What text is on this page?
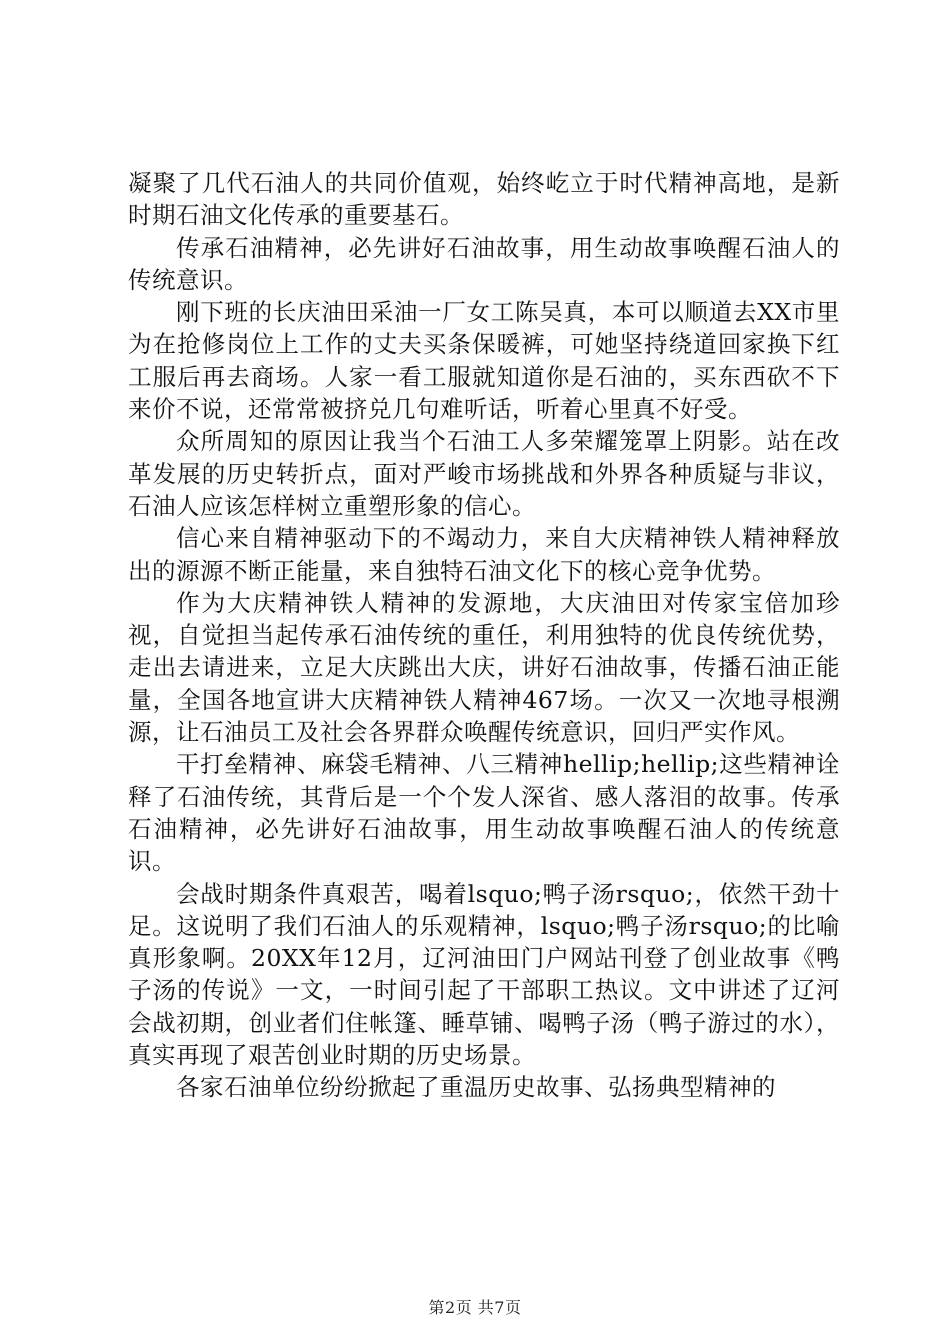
凝聚了几代石油人的共同价值观，始终屹立于时代精神高地，是新时期石油文化传承的重要基石。

传承石油精神，必先讲好石油故事，用生动故事唤醒石油人的传统意识。

刚下班的长庆油田采油一厂女工陈吴真，本可以顺道去XX市里为在抢修岗位上工作的丈夫买条保暖裤，可她坚持绕道回家换下红工服后再去商场。人家一看工服就知道你是石油的，买东西砍不下来价不说，还常常被挤兑几句难听话，听着心里真不好受。

众所周知的原因让我当个石油工人多荣耀笼罩上阴影。站在改革发展的历史转折点，面对严峻市场挑战和外界各种质疑与非议，石油人应该怎样树立重塑形象的信心。

信心来自精神驱动下的不竭动力，来自大庆精神铁人精神释放出的源源不断正能量，来自独特石油文化下的核心竞争优势。

作为大庆精神铁人精神的发源地，大庆油田对传家宝倍加珍视，自觉担当起传承石油传统的重任，利用独特的优良传统优势，走出去请进来，立足大庆跳出大庆，讲好石油故事，传播石油正能量，全国各地宣讲大庆精神铁人精神467场。一次又一次地寻根溯源，让石油员工及社会各界群众唤醒传统意识，回归严实作风。

干打垒精神、麻袋毛精神、八三精神hellip;hellip;这些精神诠释了石油传统，其背后是一个个发人深省、感人落泪的故事。传承石油精神，必先讲好石油故事，用生动故事唤醒石油人的传统意识。

会战时期条件真艰苦，喝着lsquo;鸭子汤rsquo;，依然干劲十足。这说明了我们石油人的乐观精神，lsquo;鸭子汤rsquo;的比喻真形象啊。20XX年12月，辽河油田门户网站刊登了创业故事《鸭子汤的传说》一文，一时间引起了干部职工热议。文中讲述了辽河会战初期，创业者们住帐篷、睡草铺、喝鸭子汤（鸭子游过的水），真实再现了艰苦创业时期的历史场景。

各家石油单位纷纷掀起了重温历史故事、弘扬典型精神的

第2页 共7页
